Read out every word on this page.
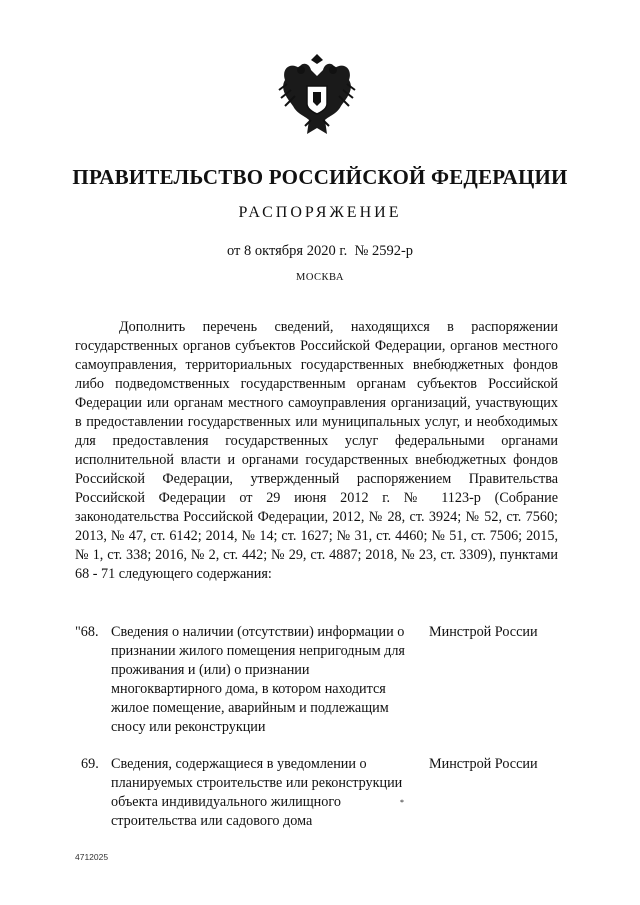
ПРАВИТЕЛЬСТВО РОССИЙСКОЙ ФЕДЕРАЦИИ
РАСПОРЯЖЕНИЕ
от 8 октября 2020 г.  № 2592-р
МОСКВА

Дополнить перечень сведений, находящихся в распоряжении государственных органов субъектов Российской Федерации, органов местного самоуправления, территориальных государственных внебюджетных фондов либо подведомственных государственным органам субъектов Российской Федерации или органам местного самоуправления организаций, участвующих в предоставлении государственных или муниципальных услуг, и необходимых для предоставления государственных услуг федеральными органами исполнительной власти и органами государственных внебюджетных фондов Российской Федерации, утвержденный распоряжением Правительства Российской Федерации от 29 июня 2012 г. № 1123-р (Собрание законодательства Российской Федерации, 2012, № 28, ст. 3924; № 52, ст. 7560; 2013, № 47, ст. 6142; 2014, № 14; ст. 1627; № 31, ст. 4460; № 51, ст. 7506; 2015, № 1, ст. 338; 2016, № 2, ст. 442; № 29, ст. 4887; 2018, № 23, ст. 3309), пунктами 68 - 71 следующего содержания:

"68. Сведения о наличии (отсутствии) информации о признании жилого помещения непригодным для проживания и (или) о признании многоквартирного дома, в котором находится жилое помещение, аварийным и подлежащим сносу или реконструкции
Минстрой России
69. Сведения, содержащиеся в уведомлении о планируемых строительстве или реконструкции объекта индивидуального жилищного строительства или садового дома
Минстрой России
*
4712025
